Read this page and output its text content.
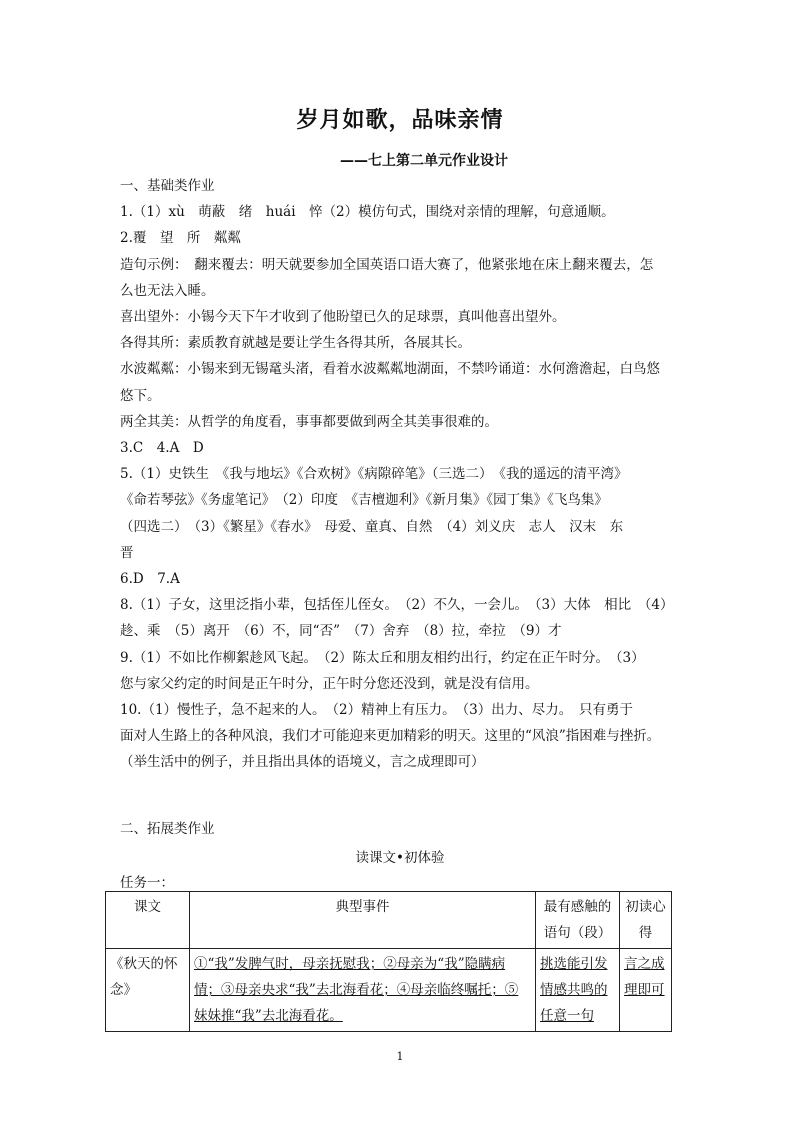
岁月如歌，品味亲情
——七上第二单元作业设计

一、基础类作业

1.（1）xù　萌蔽　绪　huái　悴（2）模仿句式，围绕对亲情的理解，句意通顺。

2.覆　望　所　粼粼

造句示例：　翻来覆去：明天就要参加全国英语口语大赛了，他紧张地在床上翻来覆去，怎

么也无法入睡。

喜出望外：小锡今天下午才收到了他盼望已久的足球票，真叫他喜出望外。

各得其所：素质教育就越是要让学生各得其所，各展其长。

水波粼粼：小锡来到无锡鼋头渚，看着水波粼粼地湖面，不禁吟诵道：水何澹澹起，白鸟悠

悠下。

两全其美：从哲学的角度看，事事都要做到两全其美事很难的。

3.C　4.A　D

5.（1）史铁生　《我与地坛》《合欢树》《病隙碎笔》（三选二）　《我的遥远的清平湾》

《命若琴弦》《务虚笔记》　（2）印度　《吉檀迦利》《新月集》《园丁集》《飞鸟集》

（四选二）　（3）《繁星》《春水》　母爱、童真、自然　（4）刘义庆　志人　汉末　东

晋

6.D　7.A

8.（1）子女，这里泛指小辈，包括侄儿侄女。　（2）不久，一会儿。　（3）大体　相比　（4）

趁、乘　（5）离开　（6）不，同“否”　（7）舍弃　（8）拉，牵拉　（9）才

9.（1）不如比作柳絮趁风飞起。　（2）陈太丘和朋友相约出行，约定在正午时分。　（3）

您与家父约定的时间是正午时分，正午时分您还没到，就是没有信用。

10.（1）慢性子，急不起来的人。　（2）精神上有压力。　（3）出力、尽力。　只有勇于

面对人生路上的各种风浪，我们才可能迎来更加精彩的明天。这里的“风浪”指困难与挫折。

（举生活中的例子，并且指出具体的语境义，言之成理即可）

二、拓展类作业
读课文•初体验
任务一：
课文	典型事件	最有感触的语句（段）	初读心得
《秋天的怀念》	①“我”发脾气时，母亲抚慰我；②母亲为“我”隐瞒病情；③母亲央求“我”去北海看花；④母亲临终嘱托；⑤妹妹推“我”去北海看花。	挑选能引发情感共鸣的任意一句	言之成理即可
1
